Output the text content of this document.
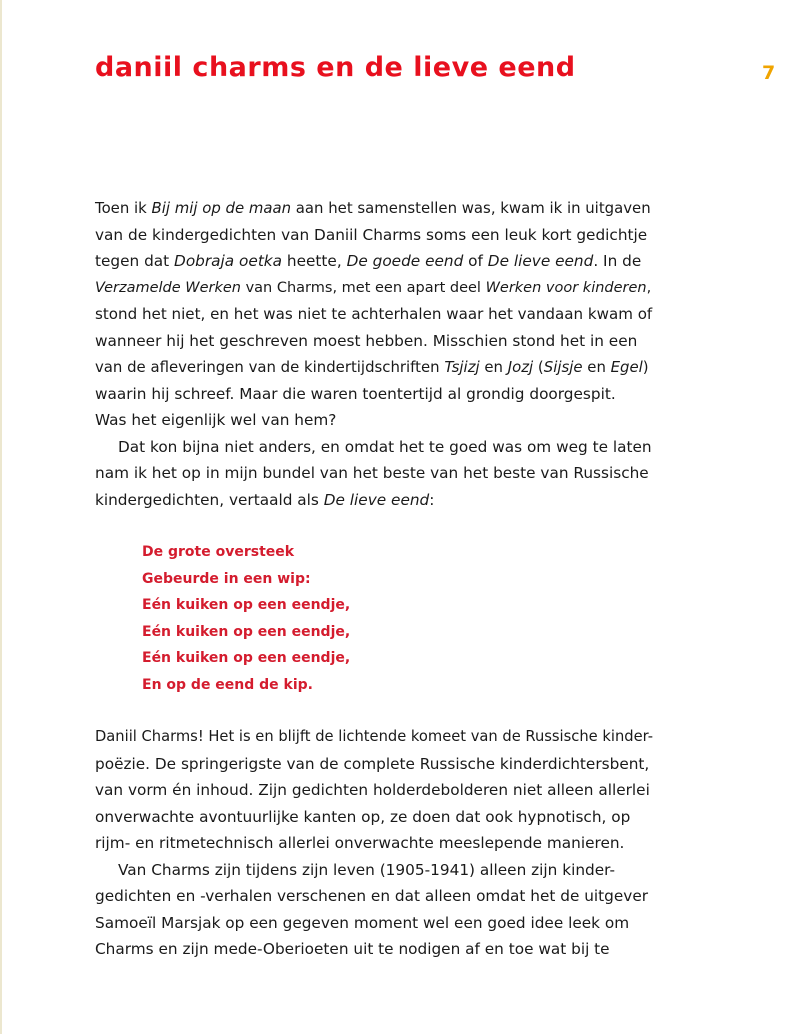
daniil charms en de lieve eend	7
Toen ik Bij mij op de maan aan het samenstellen was, kwam ik in uitgaven
van de kindergedichten van Daniil Charms soms een leuk kort gedichtje
tegen dat Dobraja oetka heette, De goede eend of De lieve eend. In de
Verzamelde Werken van Charms, met een apart deel Werken voor kinderen,
stond het niet, en het was niet te achterhalen waar het vandaan kwam of
wanneer hij het geschreven moest hebben. Misschien stond het in een
van de afleveringen van de kindertijdschriften Tsjizj en Jozj (Sijsje en Egel)
waarin hij schreef. Maar die waren toentertijd al grondig doorgespit.
Was het eigenlijk wel van hem?
Dat kon bijna niet anders, en omdat het te goed was om weg te laten
nam ik het op in mijn bundel van het beste van het beste van Russische
kindergedichten, vertaald als De lieve eend:
De grote oversteek
Gebeurde in een wip:
Eén kuiken op een eendje,
Eén kuiken op een eendje,
Eén kuiken op een eendje,
En op de eend de kip.
Daniil Charms! Het is en blijft de lichtende komeet van de Russische kinder-
poëzie. De springerigste van de complete Russische kinderdichtersbent,
van vorm én inhoud. Zijn gedichten holderdebolderen niet alleen allerlei
onverwachte avontuurlijke kanten op, ze doen dat ook hypnotisch, op
rijm- en ritmetechnisch allerlei onverwachte meeslepende manieren.
Van Charms zijn tijdens zijn leven (1905-1941) alleen zijn kinder-
gedichten en -verhalen verschenen en dat alleen omdat het de uitgever
Samoeïl Marsjak op een gegeven moment wel een goed idee leek om
Charms en zijn mede-Oberioeten uit te nodigen af en toe wat bij te
